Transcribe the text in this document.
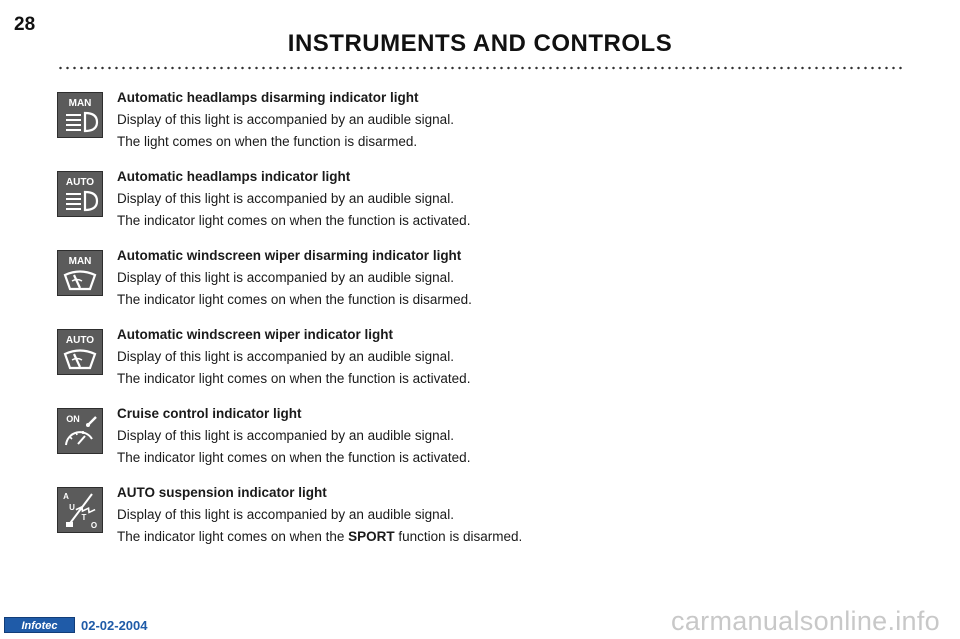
28
INSTRUMENTS AND CONTROLS
MAN Automatic headlamps disarming indicator light
Display of this light is accompanied by an audible signal.
The light comes on when the function is disarmed.
AUTO Automatic headlamps indicator light
Display of this light is accompanied by an audible signal.
The indicator light comes on when the function is activated.
MAN Automatic windscreen wiper disarming indicator light
Display of this light is accompanied by an audible signal.
The indicator light comes on when the function is disarmed.
AUTO Automatic windscreen wiper indicator light
Display of this light is accompanied by an audible signal.
The indicator light comes on when the function is activated.
ON	Cruise control indicator light
Display of this light is accompanied by an audible signal.
The indicator light comes on when the function is activated.
A
U
T
O
AUTO suspension indicator light
Display of this light is accompanied by an audible signal.
The indicator light comes on when the SPORT function is disarmed.
Infotec	02-02-2004	carmanualsonline.info
